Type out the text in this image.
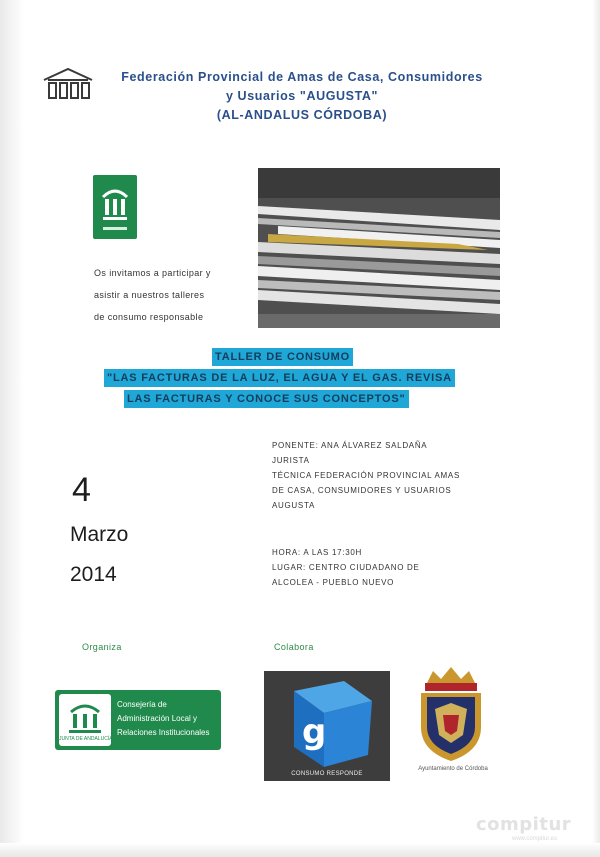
Federación Provincial de Amas de Casa, Consumidores
y Usuarios "AUGUSTA"
(AL-ANDALUS CÓRDOBA)
Os invitamos a participar y
asistir a nuestros talleres
de consumo responsable
TALLER DE CONSUMO
"LAS FACTURAS DE LA LUZ, EL AGUA Y EL GAS. REVISA
LAS FACTURAS Y CONOCE SUS CONCEPTOS"
4
Marzo
2014
PONENTE: ANA ÁLVAREZ SALDAÑA
JURISTA
TÉCNICA FEDERACIÓN PROVINCIAL AMAS
DE CASA, CONSUMIDORES Y USUARIOS
AUGUSTA
HORA: A LAS 17:30H
LUGAR: CENTRO CIUDADANO DE
ALCOLEA - PUEBLO NUEVO
Organiza	Colabora
JUNTA DE ANDALUCÍA
Consejería de
Administración Local y
Relaciones Institucionales	g
CONSUMO RESPONDE
Ayuntamiento de Córdoba
compitur
www.compitur.es
